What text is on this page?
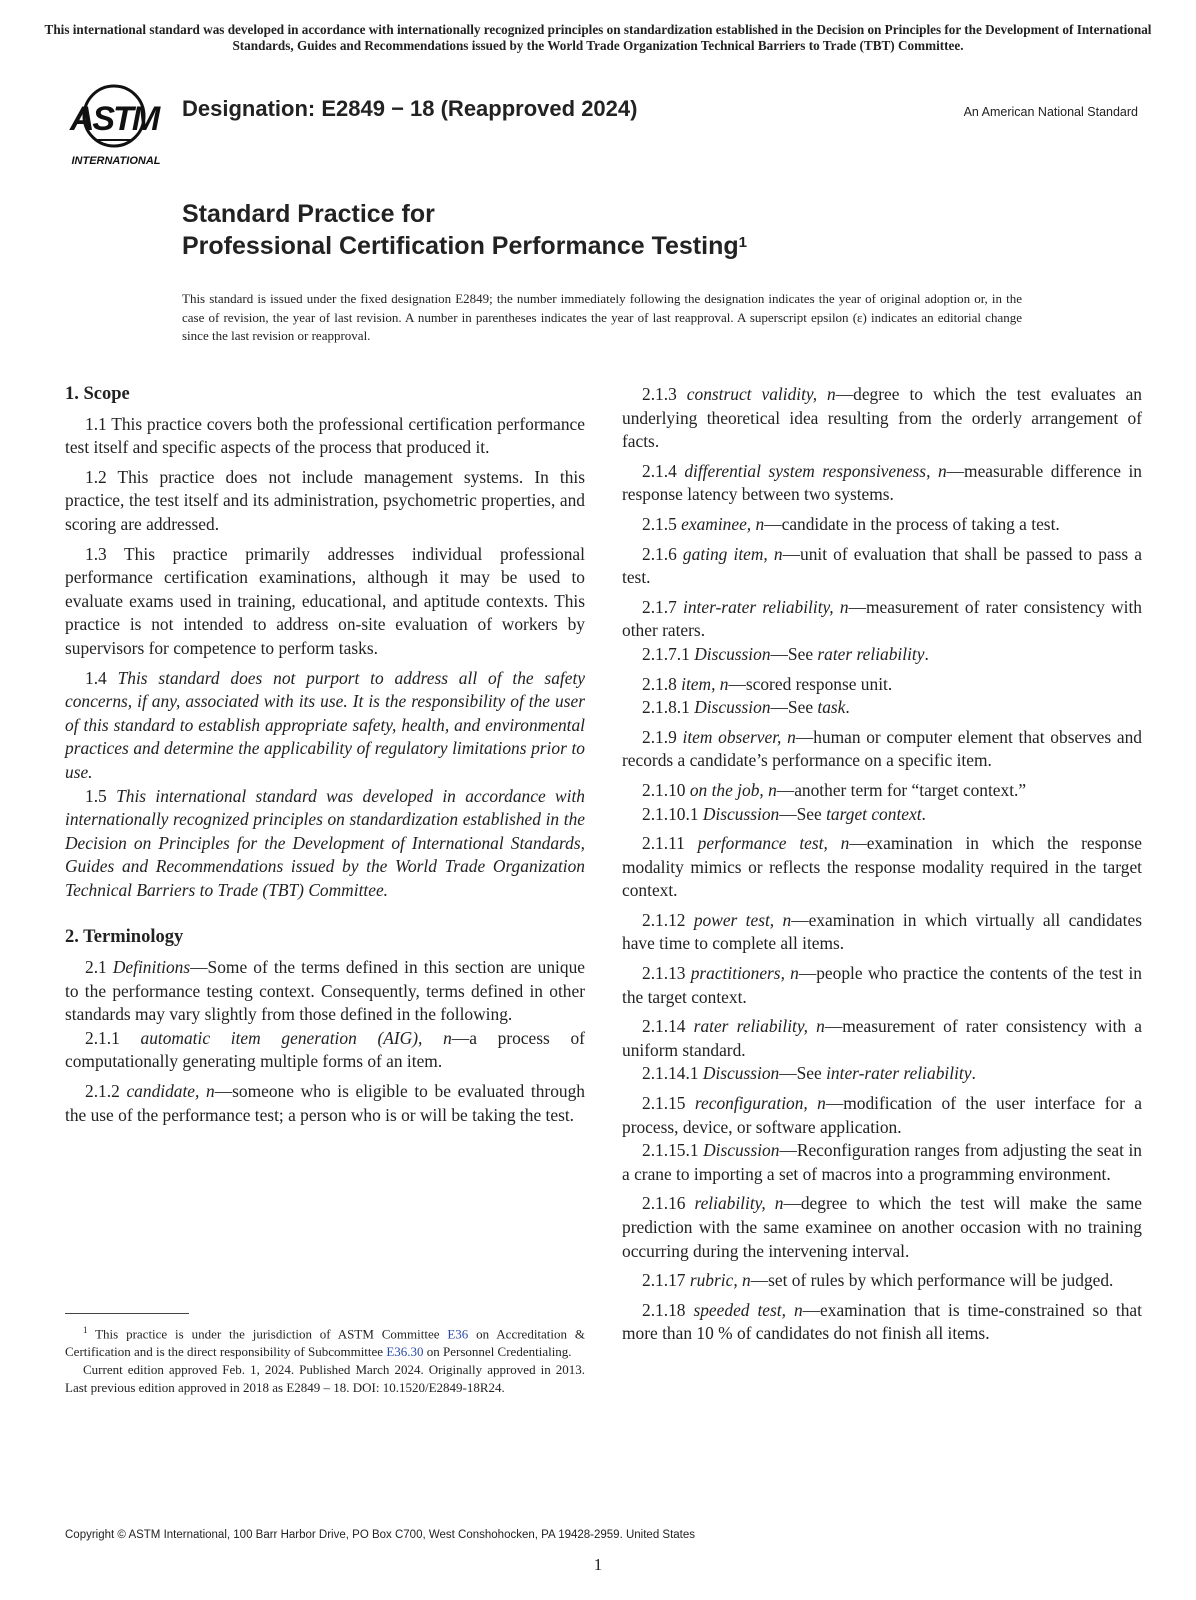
This international standard was developed in accordance with internationally recognized principles on standardization established in the Decision on Principles for the Development of International Standards, Guides and Recommendations issued by the World Trade Organization Technical Barriers to Trade (TBT) Committee.
ASTM
INTERNATIONAL
Designation: E2849 − 18 (Reapproved 2024)	An American National Standard
Standard Practice for
Professional Certification Performance Testing$^1$
This standard is issued under the fixed designation E2849; the number immediately following the designation indicates the year of original adoption or, in the case of revision, the year of last revision. A number in parentheses indicates the year of last reapproval. A superscript epsilon (ε) indicates an editorial change since the last revision or reapproval.
1. Scope

1.1 This practice covers both the professional certification performance test itself and specific aspects of the process that produced it.

1.2 This practice does not include management systems. In this practice, the test itself and its administration, psychometric properties, and scoring are addressed.

1.3 This practice primarily addresses individual professional performance certification examinations, although it may be used to evaluate exams used in training, educational, and aptitude contexts. This practice is not intended to address on-site evaluation of workers by supervisors for competence to perform tasks.

1.4 This standard does not purport to address all of the safety concerns, if any, associated with its use. It is the responsibility of the user of this standard to establish appropriate safety, health, and environmental practices and determine the applicability of regulatory limitations prior to use.

1.5 This international standard was developed in accordance with internationally recognized principles on standardization established in the Decision on Principles for the Development of International Standards, Guides and Recommendations issued by the World Trade Organization Technical Barriers to Trade (TBT) Committee.

2. Terminology

2.1 Definitions—Some of the terms defined in this section are unique to the performance testing context. Consequently, terms defined in other standards may vary slightly from those defined in the following.

2.1.1 automatic item generation (AIG), n—a process of computationally generating multiple forms of an item.

2.1.2 candidate, n—someone who is eligible to be evaluated through the use of the performance test; a person who is or will be taking the test.

2.1.3 construct validity, n—degree to which the test evaluates an underlying theoretical idea resulting from the orderly arrangement of facts.

2.1.4 differential system responsiveness, n—measurable difference in response latency between two systems.

2.1.5 examinee, n—candidate in the process of taking a test.

2.1.6 gating item, n—unit of evaluation that shall be passed to pass a test.

2.1.7 inter-rater reliability, n—measurement of rater consistency with other raters.

2.1.7.1 Discussion—See rater reliability.

2.1.8 item, n—scored response unit.

2.1.8.1 Discussion—See task.

2.1.9 item observer, n—human or computer element that observes and records a candidate’s performance on a specific item.

2.1.10 on the job, n—another term for “target context.”

2.1.10.1 Discussion—See target context.

2.1.11 performance test, n—examination in which the response modality mimics or reflects the response modality required in the target context.

2.1.12 power test, n—examination in which virtually all candidates have time to complete all items.

2.1.13 practitioners, n—people who practice the contents of the test in the target context.

2.1.14 rater reliability, n—measurement of rater consistency with a uniform standard.

2.1.14.1 Discussion—See inter-rater reliability.

2.1.15 reconfiguration, n—modification of the user interface for a process, device, or software application.

2.1.15.1 Discussion—Reconfiguration ranges from adjusting the seat in a crane to importing a set of macros into a programming environment.

2.1.16 reliability, n—degree to which the test will make the same prediction with the same examinee on another occasion with no training occurring during the intervening interval.

2.1.17 rubric, n—set of rules by which performance will be judged.

2.1.18 speeded test, n—examination that is time-constrained so that more than 10 % of candidates do not finish all items.

$^1$ This practice is under the jurisdiction of ASTM Committee E36 on Accreditation & Certification and is the direct responsibility of Subcommittee E36.30 on Personnel Credentialing.

Current edition approved Feb. 1, 2024. Published March 2024. Originally approved in 2013. Last previous edition approved in 2018 as E2849 – 18. DOI: 10.1520/E2849-18R24.

Copyright © ASTM International, 100 Barr Harbor Drive, PO Box C700, West Conshohocken, PA 19428-2959. United States
1
